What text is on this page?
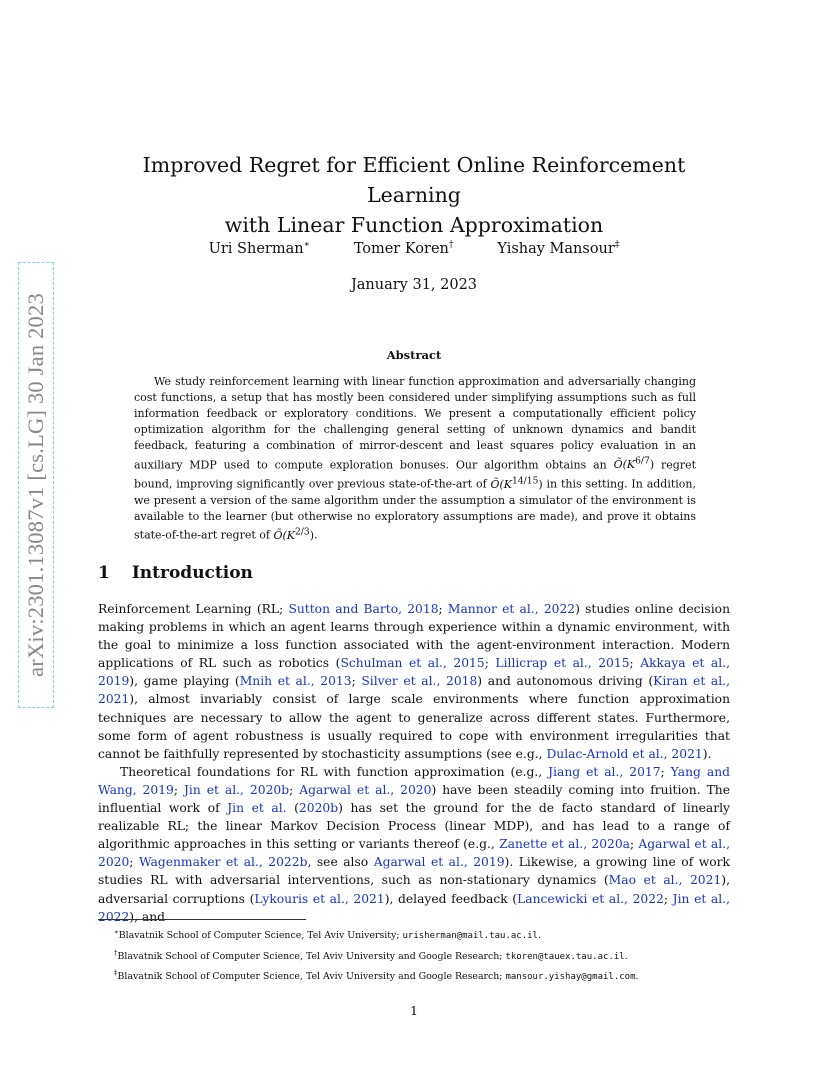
arXiv:2301.13087v1 [cs.LG] 30 Jan 2023
Improved Regret for Efficient Online Reinforcement Learning
with Linear Function Approximation
Uri Sherman∗	Tomer Koren†	Yishay Mansour‡
January 31, 2023
Abstract

We study reinforcement learning with linear function approximation and adversarially changing cost functions, a setup that has mostly been considered under simplifying assumptions such as full information feedback or exploratory conditions. We present a computationally efficient policy optimization algorithm for the challenging general setting of unknown dynamics and bandit feedback, featuring a combination of mirror-descent and least squares policy evaluation in an auxiliary MDP used to compute exploration bonuses. Our algorithm obtains an $Õ(K^{6/7})$ regret bound, improving significantly over previous state-of-the-art of $Õ(K^{14/15})$ in this setting. In addition, we present a version of the same algorithm under the assumption a simulator of the environment is available to the learner (but otherwise no exploratory assumptions are made), and prove it obtains state-of-the-art regret of $Õ(K^{2/3})$.

1 Introduction

Reinforcement Learning (RL; Sutton and Barto, 2018; Mannor et al., 2022) studies online decision making problems in which an agent learns through experience within a dynamic environment, with the goal to minimize a loss function associated with the agent-environment interaction. Modern applications of RL such as robotics (Schulman et al., 2015; Lillicrap et al., 2015; Akkaya et al., 2019), game playing (Mnih et al., 2013; Silver et al., 2018) and autonomous driving (Kiran et al., 2021), almost invariably consist of large scale environments where function approximation techniques are necessary to allow the agent to generalize across different states. Furthermore, some form of agent robustness is usually required to cope with environment irregularities that cannot be faithfully represented by stochasticity assumptions (see e.g., Dulac-Arnold et al., 2021).

Theoretical foundations for RL with function approximation (e.g., Jiang et al., 2017; Yang and Wang, 2019; Jin et al., 2020b; Agarwal et al., 2020) have been steadily coming into fruition. The influential work of Jin et al. (2020b) has set the ground for the de facto standard of linearly realizable RL; the linear Markov Decision Process (linear MDP), and has lead to a range of algorithmic approaches in this setting or variants thereof (e.g., Zanette et al., 2020a; Agarwal et al., 2020; Wagenmaker et al., 2022b, see also Agarwal et al., 2019). Likewise, a growing line of work studies RL with adversarial interventions, such as non-stationary dynamics (Mao et al., 2021), adversarial corruptions (Lykouris et al., 2021), delayed feedback (Lancewicki et al., 2022; Jin et al., 2022), and

∗Blavatnik School of Computer Science, Tel Aviv University; urisherman@mail.tau.ac.il.
†Blavatnik School of Computer Science, Tel Aviv University and Google Research; tkoren@tauex.tau.ac.il.
‡Blavatnik School of Computer Science, Tel Aviv University and Google Research; mansour.yishay@gmail.com.
1
